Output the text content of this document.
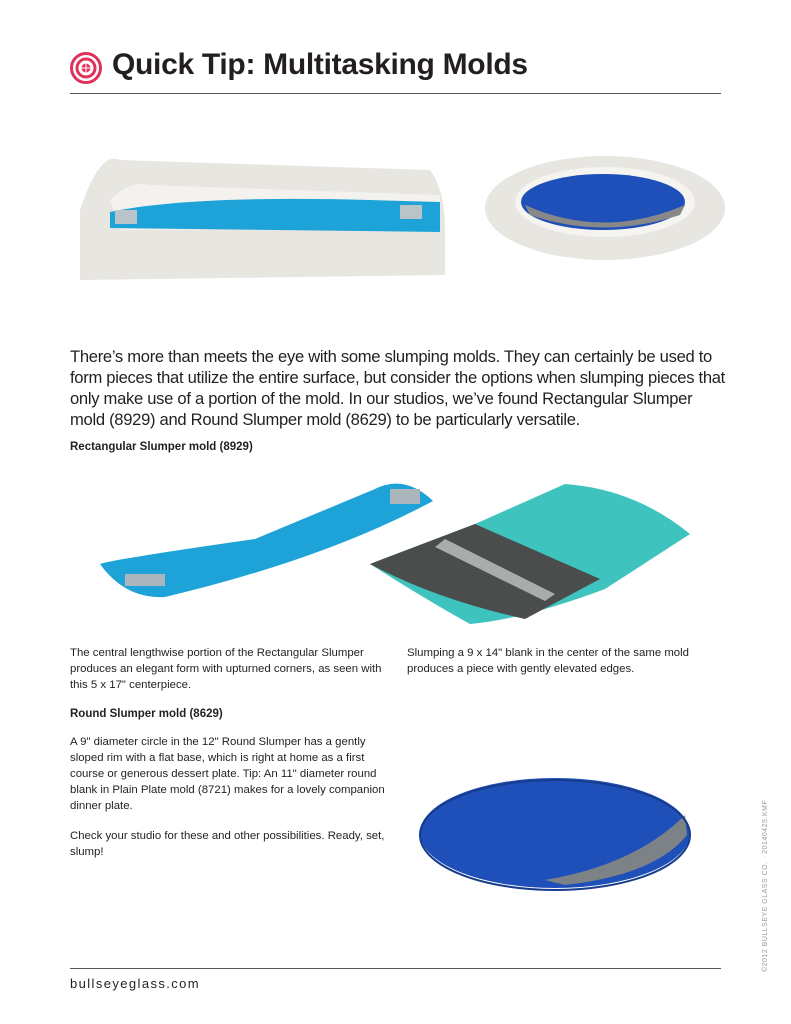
Quick Tip: Multitasking Molds

There’s more than meets the eye with some slumping molds. They can certainly be used to form pieces that utilize the entire surface, but consider the options when slumping pieces that only make use of a portion of the mold. In our studios, we’ve found Rectangular Slumper mold (8929) and Round Slumper mold (8629) to be particularly versatile.

Rectangular Slumper mold (8929)

The central lengthwise portion of the Rectangular Slumper produces an elegant form with upturned corners, as seen with this 5 x 17" centerpiece.

Slumping a 9 x 14" blank in the center of the same mold produces a piece with gently elevated edges.

Round Slumper mold (8629)

A 9" diameter circle in the 12" Round Slumper has a gently sloped rim with a flat base, which is right at home as a first course or generous dessert plate. Tip: An 11" diameter round blank in Plain Plate mold (8721) makes for a lovely companion dinner plate.

Check your studio for these and other possibilities. Ready, set, slump!

bullseyeglass.com
©2012 BULLSEYE GLASS CO. · 20140425.KMF
